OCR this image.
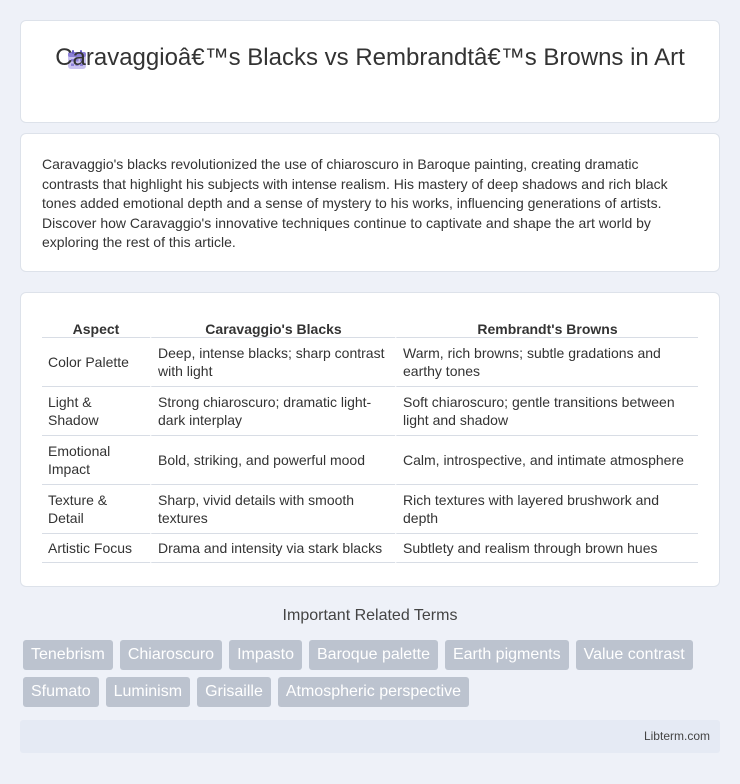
Caravaggioâ€™s Blacks vs Rembrandtâ€™s Browns in Art

Caravaggio's blacks revolutionized the use of chiaroscuro in Baroque painting, creating dramatic contrasts that highlight his subjects with intense realism. His mastery of deep shadows and rich black tones added emotional depth and a sense of mystery to his works, influencing generations of artists. Discover how Caravaggio's innovative techniques continue to captivate and shape the art world by exploring the rest of this article.

Aspect	Caravaggio's Blacks	Rembrandt's Browns
Color Palette	Deep, intense blacks; sharp contrast with light	Warm, rich browns; subtle gradations and earthy tones
Light & Shadow	Strong chiaroscuro; dramatic light-dark interplay	Soft chiaroscuro; gentle transitions between light and shadow
Emotional Impact	Bold, striking, and powerful mood	Calm, introspective, and intimate atmosphere
Texture & Detail	Sharp, vivid details with smooth textures	Rich textures with layered brushwork and depth
Artistic Focus	Drama and intensity via stark blacks	Subtlety and realism through brown hues
Important Related Terms
Tenebrism	Chiaroscuro	Impasto	Baroque palette	Earth pigments	Value contrast
Sfumato	Luminism	Grisaille	Atmospheric perspective
Libterm.com
